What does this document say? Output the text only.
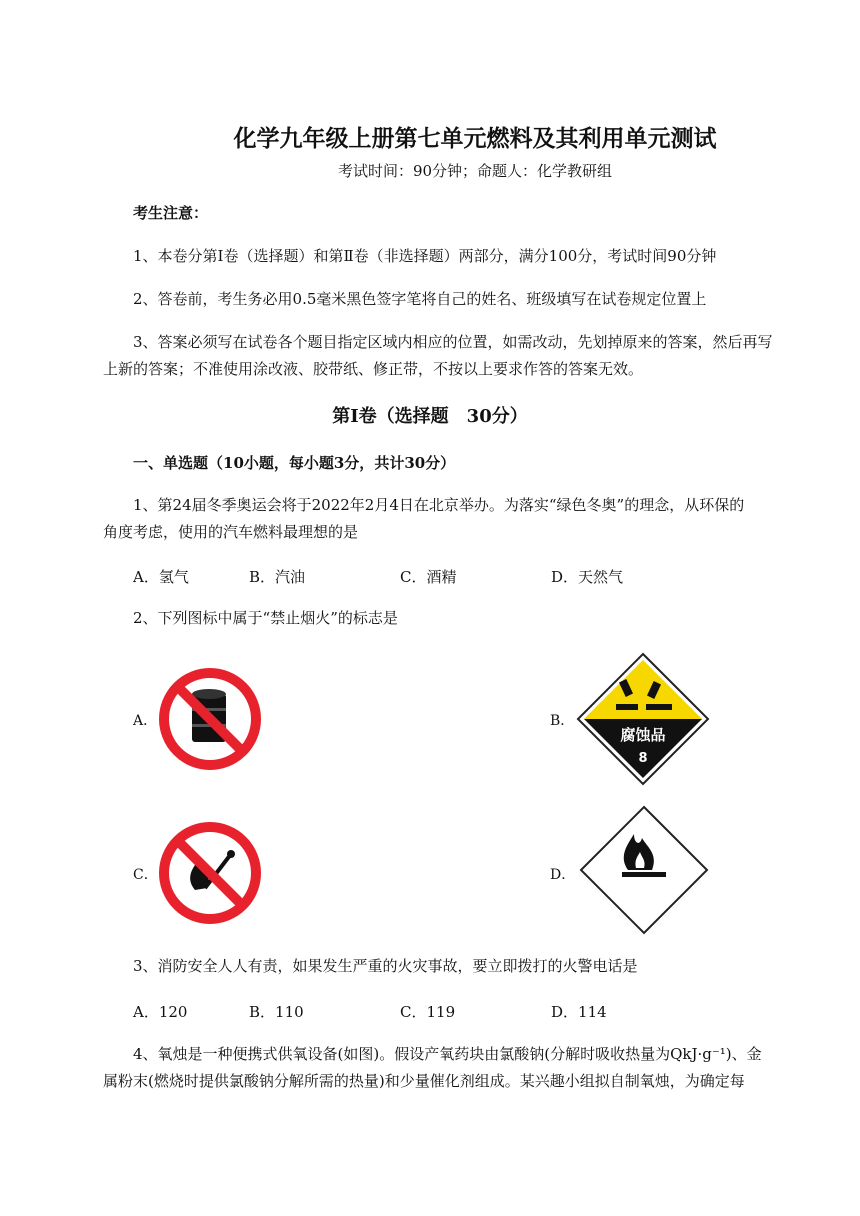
化学九年级上册第七单元燃料及其利用单元测试
考试时间：90分钟；命题人：化学教研组
考生注意：
1、本卷分第Ⅰ卷（选择题）和第Ⅱ卷（非选择题）两部分，满分100分，考试时间90分钟
2、答卷前，考生务必用0.5毫米黑色签字笔将自己的姓名、班级填写在试卷规定位置上
3、答案必须写在试卷各个题目指定区域内相应的位置，如需改动，先划掉原来的答案，然后再写
上新的答案；不准使用涂改液、胶带纸、修正带，不按以上要求作答的答案无效。
第Ⅰ卷（选择题　30分）
一、单选题（10小题，每小题3分，共计30分）
1、第24届冬季奥运会将于2022年2月4日在北京举办。为落实“绿色冬奥”的理念，从环保的
角度考虑，使用的汽车燃料最理想的是
A．氢气	B．汽油	C．酒精	D．天然气
2、下列图标中属于“禁止烟火”的标志是
A．	B．
腐蚀品
8
C．	D．
3、消防安全人人有责，如果发生严重的火灾事故，要立即拨打的火警电话是
A．120	B．110	C．119	D．114
4、氧烛是一种便携式供氧设备(如图)。假设产氧药块由氯酸钠(分解时吸收热量为QkJ·g⁻¹)、金
属粉末(燃烧时提供氯酸钠分解所需的热量)和少量催化剂组成。某兴趣小组拟自制氧烛，为确定每
